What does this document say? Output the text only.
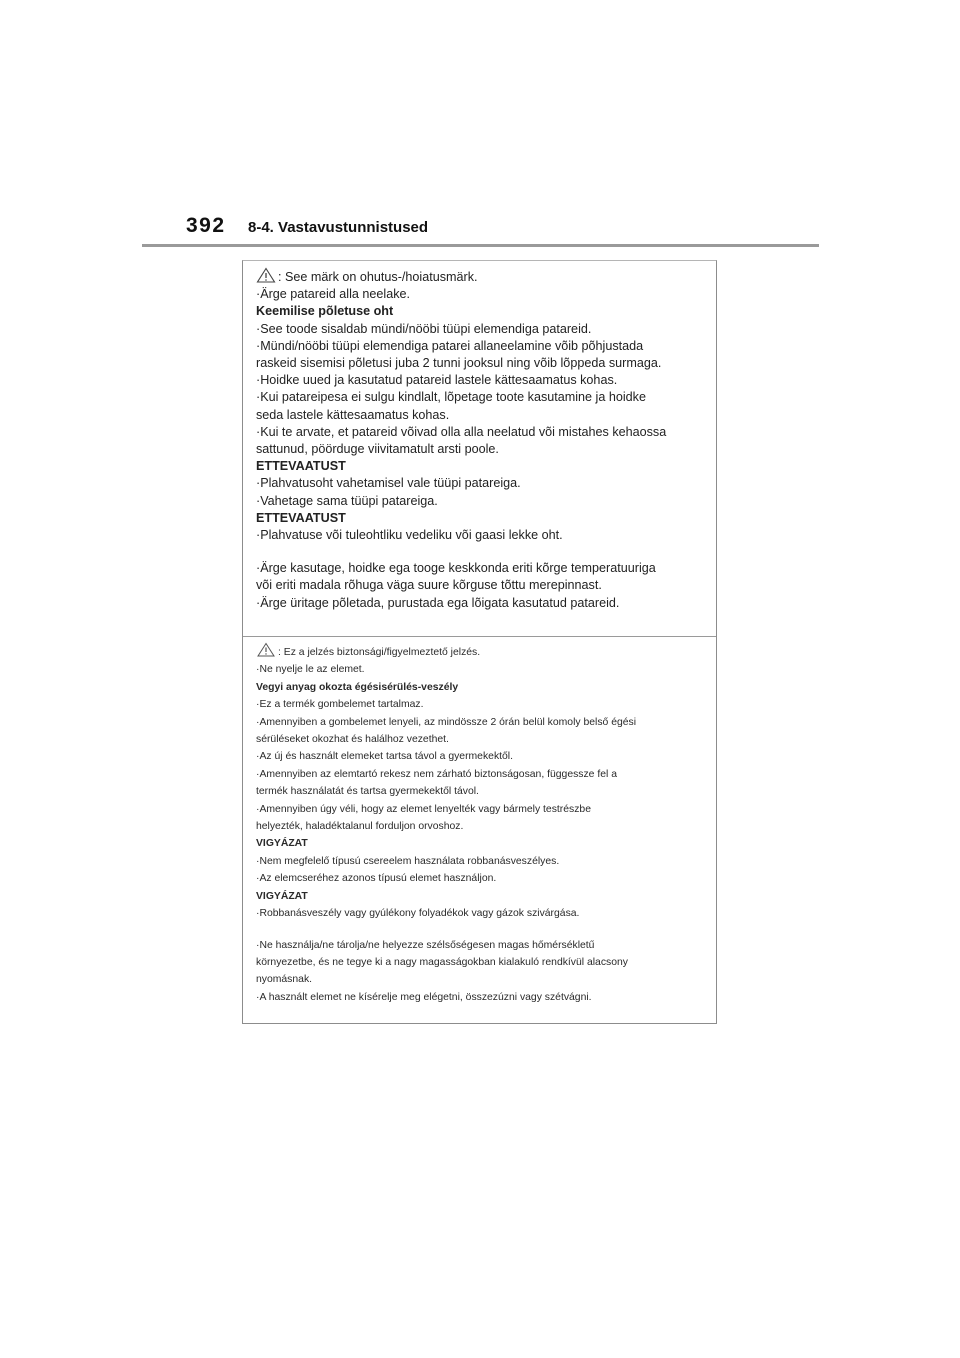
392 8-4. Vastavustunnistused
: See märk on ohutus-/hoiatusmärk.
·Ärge patareid alla neelake.
Keemilise põletuse oht
·See toode sisaldab mündi/nööbi tüüpi elemendiga patareid.
·Mündi/nööbi tüüpi elemendiga patarei allaneelamine võib põhjustada
raskeid sisemisi põletusi juba 2 tunni jooksul ning võib lõppeda surmaga.
·Hoidke uued ja kasutatud patareid lastele kättesaamatus kohas.
·Kui patareipesa ei sulgu kindlalt, lõpetage toote kasutamine ja hoidke
seda lastele kättesaamatus kohas.
·Kui te arvate, et patareid võivad olla alla neelatud või mistahes kehaossa
sattunud, pöörduge viivitamatult arsti poole.
ETTEVAATUST
·Plahvatusoht vahetamisel vale tüüpi patareiga.
·Vahetage sama tüüpi patareiga.
ETTEVAATUST
·Plahvatuse või tuleohtliku vedeliku või gaasi lekke oht.
·Ärge kasutage, hoidke ega tooge keskkonda eriti kõrge temperatuuriga
või eriti madala rõhuga väga suure kõrguse tõttu merepinnast.
·Ärge üritage põletada, purustada ega lõigata kasutatud patareid.
: Ez a jelzés biztonsági/figyelmeztető jelzés.
·Ne nyelje le az elemet.
Vegyi anyag okozta égésisérülés-veszély
·Ez a termék gombelemet tartalmaz.
·Amennyiben a gombelemet lenyeli, az mindössze 2 órán belül komoly belső égési
sérüléseket okozhat és halálhoz vezethet.
·Az új és használt elemeket tartsa távol a gyermekektől.
·Amennyiben az elemtartó rekesz nem zárható biztonságosan, függessze fel a
termék használatát és tartsa gyermekektől távol.
·Amennyiben úgy véli, hogy az elemet lenyelték vagy bármely testrészbe
helyezték, haladéktalanul forduljon orvoshoz.
VIGYÁZAT
·Nem megfelelő típusú csereelem használata robbanásveszélyes.
·Az elemcseréhez azonos típusú elemet használjon.
VIGYÁZAT
·Robbanásveszély vagy gyúlékony folyadékok vagy gázok szivárgása.
·Ne használja/ne tárolja/ne helyezze szélsőségesen magas hőmérsékletű
környezetbe, és ne tegye ki a nagy magasságokban kialakuló rendkívül alacsony
nyomásnak.
·A használt elemet ne kísérelje meg elégetni, összezúzni vagy szétvágni.
